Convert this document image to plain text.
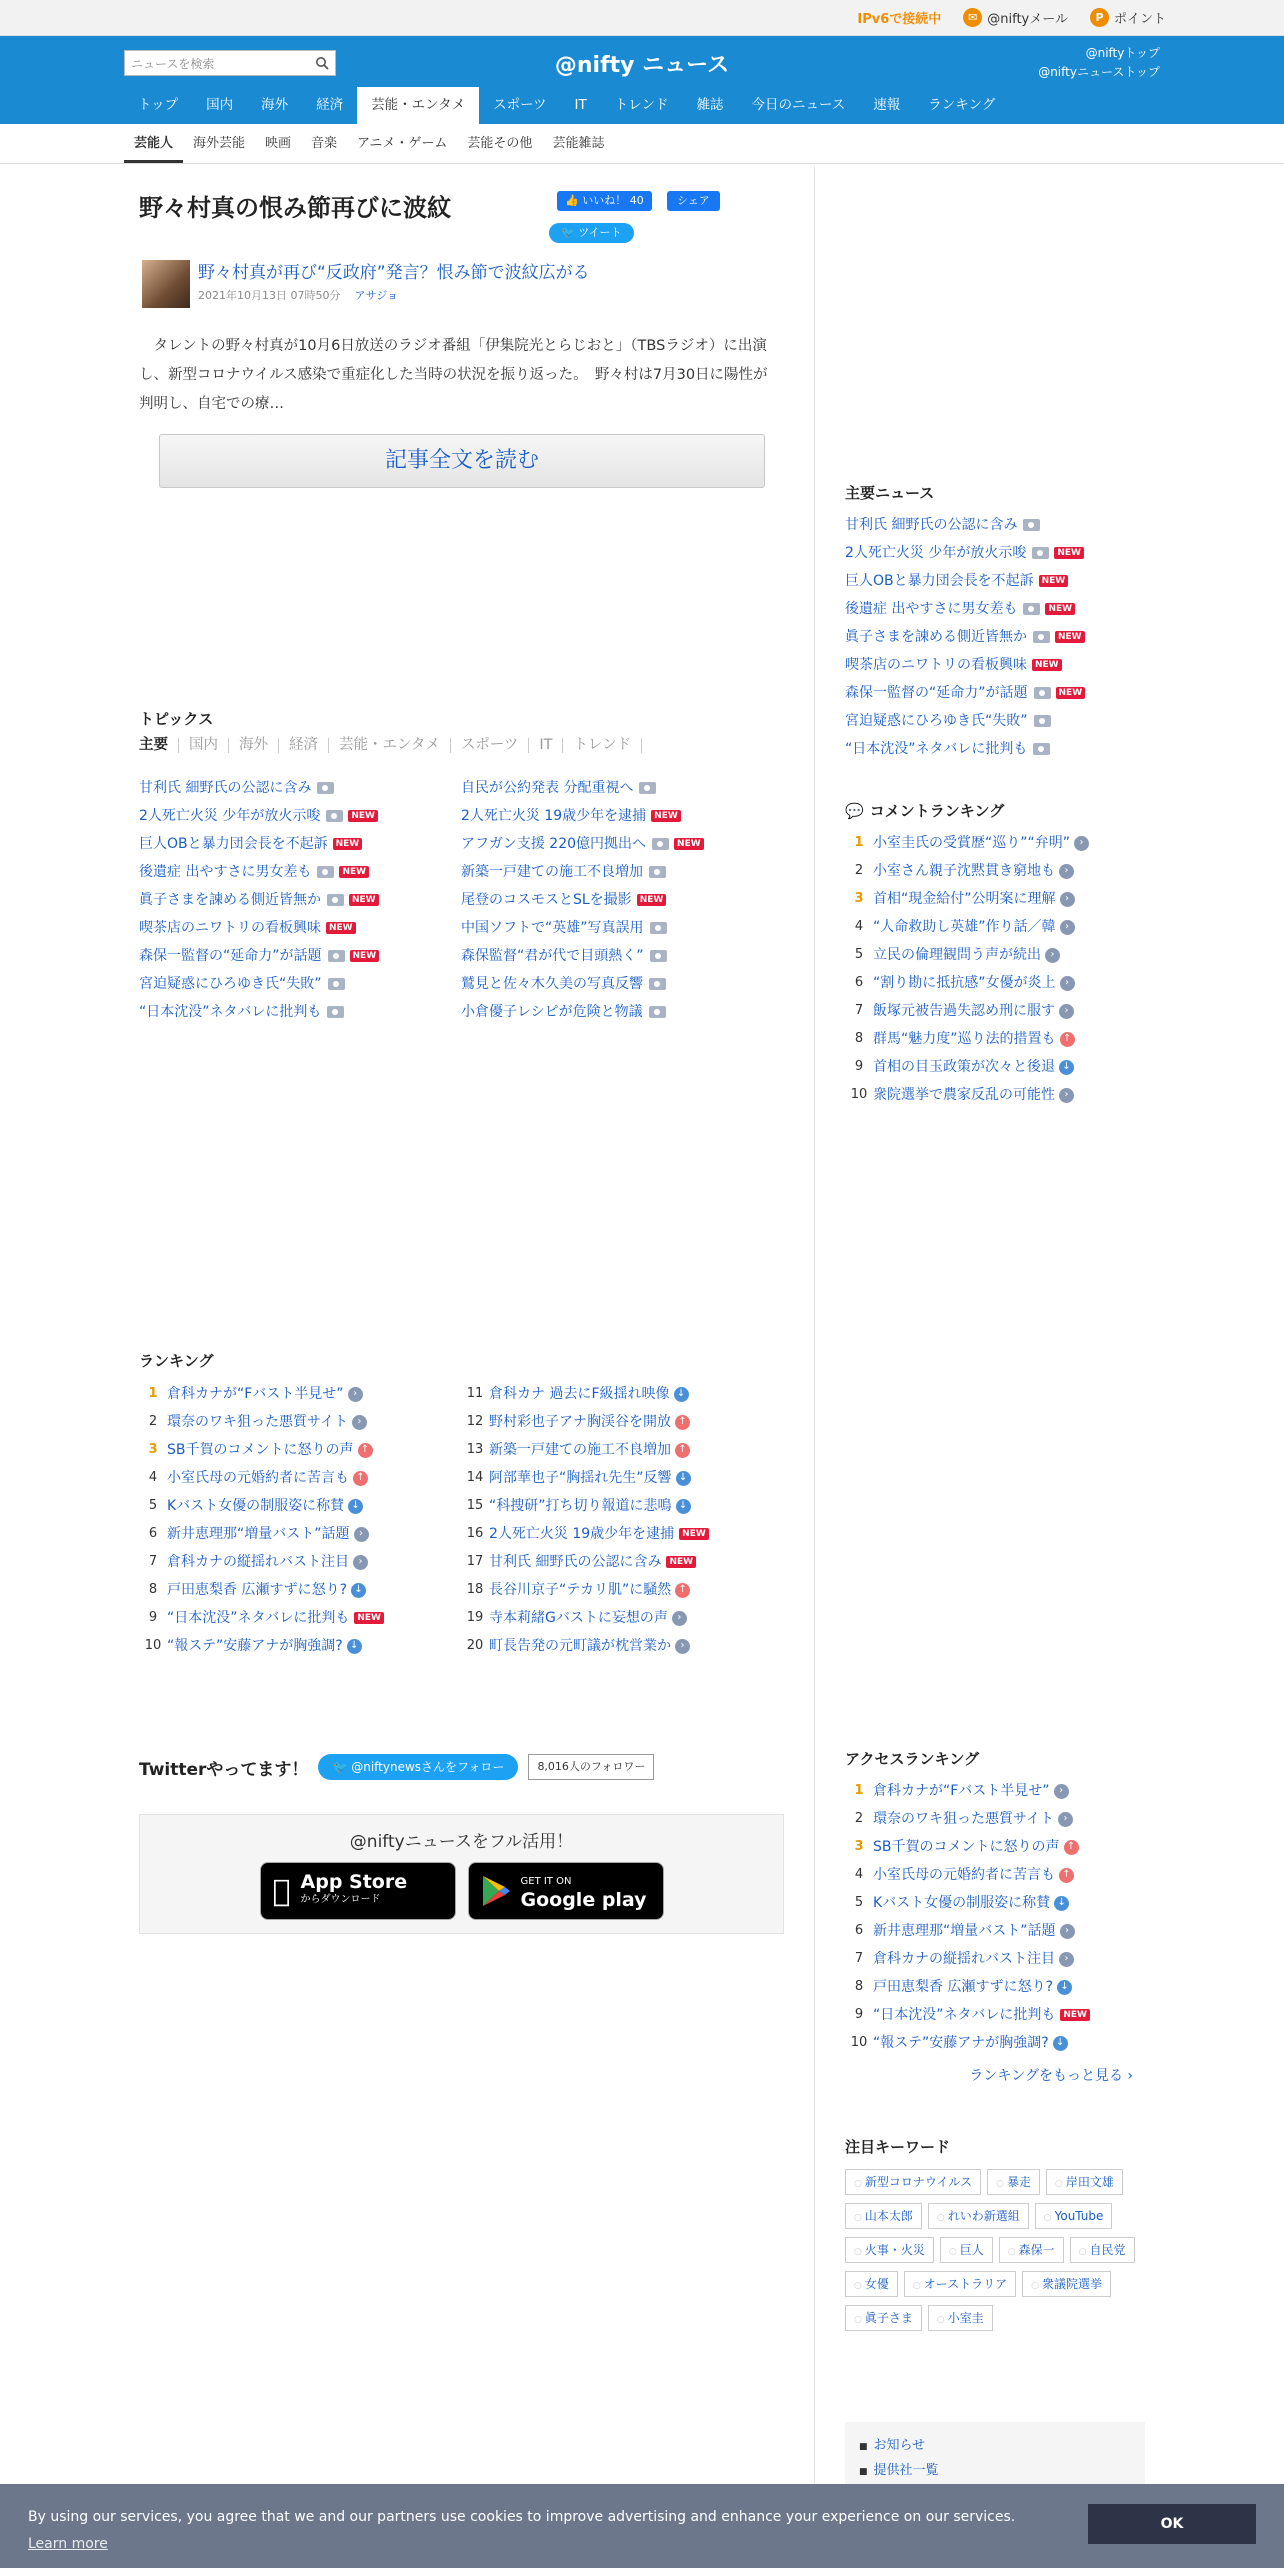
IPv6で接続中	✉ @niftyメール	P ポイント
@nifty ニュース
ニュースを検索
@niftyトップ
@niftyニューストップ
トップ	国内	海外	経済	芸能・エンタメ	スポーツ	IT	トレンド	雑誌	今日のニュース	速報	ランキング
芸能人	海外芸能	映画	音楽	アニメ・ゲーム	芸能その他	芸能雑誌
野々村真の恨み節再びに波紋	👍 いいね！ 40	シェア
🐦 ツイート
野々村真が再び“反政府”発言？恨み節で波紋広がる
2021年10月13日 07時50分 アサジョ

タレントの野々村真が10月6日放送のラジオ番組「伊集院光とらじおと」（TBSラジオ）に出演し、新型コロナウイルス感染で重症化した当時の状況を振り返った。　野々村は7月30日に陽性が判明し、自宅での療…

記事全文を読む
トピックス
主要	国内	海外	経済	芸能・エンタメ	スポーツ	IT	トレンド
甘利氏 細野氏の公認に含み	自民が公約発表 分配重視へ
2人死亡火災 少年が放火示唆	NEW	2人死亡火災 19歳少年を逮捕 NEW
巨人OBと暴力団会長を不起訴 NEW	アフガン支援 220億円拠出へ	NEW
後遺症 出やすさに男女差も	NEW	新築一戸建ての施工不良増加
眞子さまを諫める側近皆無か	NEW	尾登のコスモスとSLを撮影 NEW
喫茶店のニワトリの看板興味 NEW	中国ソフトで“英雄”写真誤用
森保一監督の“延命力”が話題	NEW	森保監督“君が代で目頭熱く”
宮迫疑惑にひろゆき氏“失敗”	鷲見と佐々木久美の写真反響
“日本沈没”ネタバレに批判も	小倉優子レシピが危険と物議
ランキング
1 倉科カナが“Fバスト半見せ” ›	11 倉科カナ 過去にF級揺れ映像 ↓
2 環奈のワキ狙った悪質サイト ›	12 野村彩也子アナ胸渓谷を開放 ↑
3 SB千賀のコメントに怒りの声 ↑	13 新築一戸建ての施工不良増加 ↑
4 小室氏母の元婚約者に苦言も ↑	14 阿部華也子“胸揺れ先生”反響 ↓
5 Kバスト女優の制服姿に称賛 ↓	15 “科捜研”打ち切り報道に悲鳴 ↓
6 新井恵理那“増量バスト”話題 ›	16 2人死亡火災 19歳少年を逮捕 NEW
7 倉科カナの縦揺れバスト注目 ›	17 甘利氏 細野氏の公認に含み NEW
8 戸田恵梨香 広瀬すずに怒り? ↓	18 長谷川京子“テカリ肌”に騒然 ↑
9 “日本沈没”ネタバレに批判も NEW	19 寺本莉緒Gバストに妄想の声 ›
10 “報ステ”安藤アナが胸強調? ↓	20 町長告発の元町議が枕営業か ›
Twitterやってます！	🐦 @niftynewsさんをフォロー	8,016人のフォロワー
@niftyニュースをフル活用！
App Store
からダウンロード
GET IT ON
Google play
主要ニュース
甘利氏 細野氏の公認に含み
2人死亡火災 少年が放火示唆	NEW
巨人OBと暴力団会長を不起訴 NEW
後遺症 出やすさに男女差も	NEW
眞子さまを諫める側近皆無か	NEW
喫茶店のニワトリの看板興味 NEW
森保一監督の“延命力”が話題	NEW
宮迫疑惑にひろゆき氏“失敗”
“日本沈没”ネタバレに批判も
💬 コメントランキング
1 小室圭氏の受賞歴“巡り”“弁明” ›
2 小室さん親子沈黙貫き窮地も ›
3 首相“現金給付”公明案に理解 ›
4 “人命救助し英雄”作り話／韓 ›
5 立民の倫理観問う声が続出 ›
6 “割り勘に抵抗感”女優が炎上 ›
7 飯塚元被告過失認め刑に服す ›
8 群馬“魅力度”巡り法的措置も ↑
9 首相の目玉政策が次々と後退 ↓
10 衆院選挙で農家反乱の可能性 ›
アクセスランキング
1 倉科カナが“Fバスト半見せ” ›
2 環奈のワキ狙った悪質サイト ›
3 SB千賀のコメントに怒りの声 ↑
4 小室氏母の元婚約者に苦言も ↑
5 Kバスト女優の制服姿に称賛 ↓
6 新井恵理那“増量バスト”話題 ›
7 倉科カナの縦揺れバスト注目 ›
8 戸田恵梨香 広瀬すずに怒り? ↓
9 “日本沈没”ネタバレに批判も NEW
10 “報ステ”安藤アナが胸強調? ↓
ランキングをもっと見る ›
注目キーワード
○ 新型コロナウイルス	○ 暴走	○ 岸田文雄
○ 山本太郎	○ れいわ新選組	○ YouTube
○ 火事・火災	○ 巨人	○ 森保一	○ 自民党
○ 女優	○ オーストラリア	○ 衆議院選挙
○ 眞子さま	○ 小室圭
■ お知らせ
■ 提供社一覧
By using our services, you agree that we and our partners use cookies to improve advertising and enhance your experience on our services.
Learn more
OK
